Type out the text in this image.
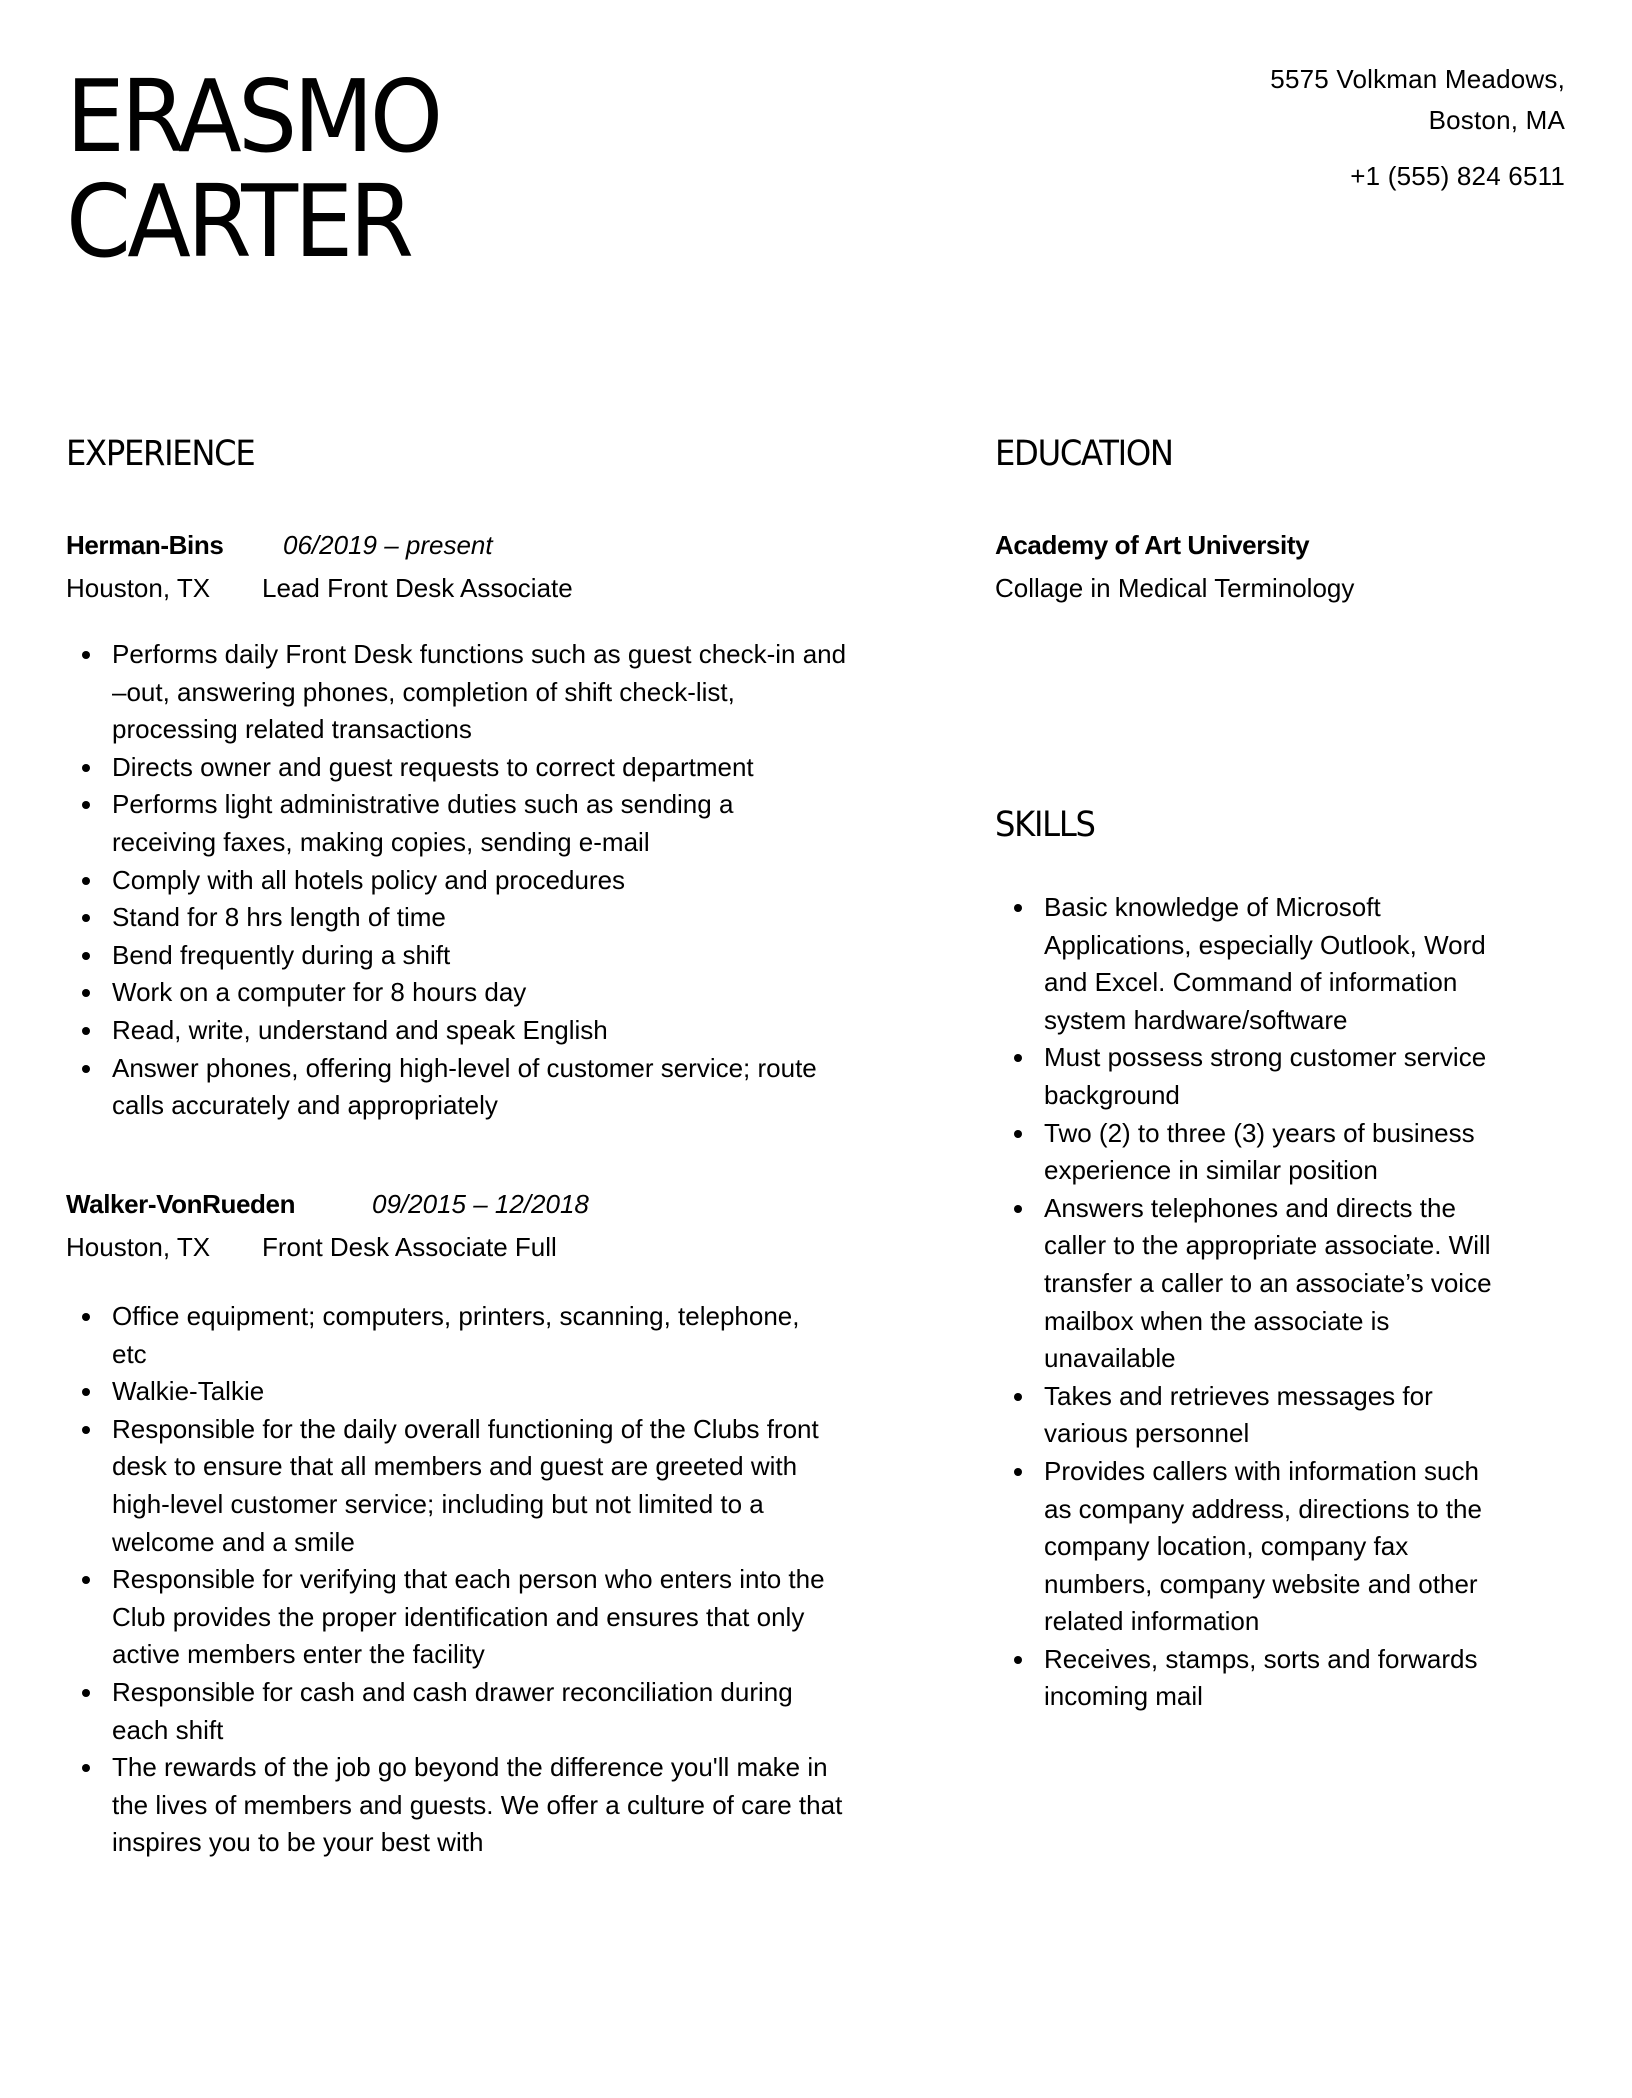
ERASMO
CARTER
5575 Volkman Meadows,
Boston, MA
+1 (555) 824 6511
EXPERIENCE
Herman-Bins 06/2019 – present
Houston, TX Lead Front Desk Associate
Performs daily Front Desk functions such as guest check-in and
–out, answering phones, completion of shift check-list,
processing related transactions
Directs owner and guest requests to correct department
Performs light administrative duties such as sending a
receiving faxes, making copies, sending e-mail
Comply with all hotels policy and procedures
Stand for 8 hrs length of time
Bend frequently during a shift
Work on a computer for 8 hours day
Read, write, understand and speak English
Answer phones, offering high-level of customer service; route
calls accurately and appropriately
Walker-VonRueden	09/2015 – 12/2018
Houston, TX Front Desk Associate Full
Office equipment; computers, printers, scanning, telephone,
etc
Walkie-Talkie
Responsible for the daily overall functioning of the Clubs front
desk to ensure that all members and guest are greeted with
high-level customer service; including but not limited to a
welcome and a smile
Responsible for verifying that each person who enters into the
Club provides the proper identification and ensures that only
active members enter the facility
Responsible for cash and cash drawer reconciliation during
each shift
The rewards of the job go beyond the difference you'll make in
the lives of members and guests. We offer a culture of care that
inspires you to be your best with
EDUCATION
Academy of Art University
Collage in Medical Terminology
SKILLS
Basic knowledge of Microsoft
Applications, especially Outlook, Word
and Excel. Command of information
system hardware/software
Must possess strong customer service
background
Two (2) to three (3) years of business
experience in similar position
Answers telephones and directs the
caller to the appropriate associate. Will
transfer a caller to an associate’s voice
mailbox when the associate is
unavailable
Takes and retrieves messages for
various personnel
Provides callers with information such
as company address, directions to the
company location, company fax
numbers, company website and other
related information
Receives, stamps, sorts and forwards
incoming mail
